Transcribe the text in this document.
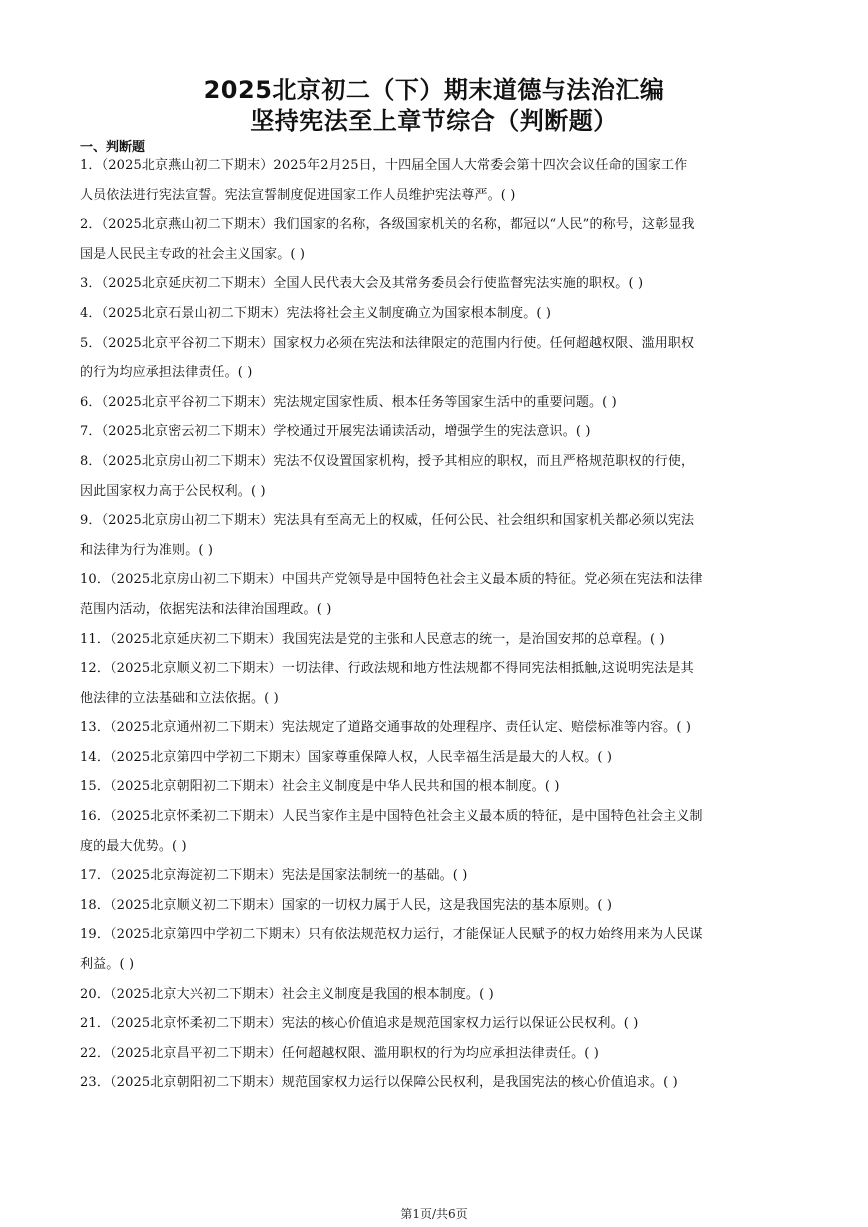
2025北京初二（下）期末道德与法治汇编
坚持宪法至上章节综合（判断题）
一、判断题
1．（2025北京燕山初二下期末）2025年2月25日，十四届全国人大常委会第十四次会议任命的国家工作
人员依法进行宪法宣誓。宪法宣誓制度促进国家工作人员维护宪法尊严。( )
2．（2025北京燕山初二下期末）我们国家的名称，各级国家机关的名称，都冠以“人民”的称号，这彰显我
国是人民民主专政的社会主义国家。( )
3．（2025北京延庆初二下期末）全国人民代表大会及其常务委员会行使监督宪法实施的职权。( )
4．（2025北京石景山初二下期末）宪法将社会主义制度确立为国家根本制度。( )
5．（2025北京平谷初二下期末）国家权力必须在宪法和法律限定的范围内行使。任何超越权限、滥用职权
的行为均应承担法律责任。( )
6．（2025北京平谷初二下期末）宪法规定国家性质、根本任务等国家生活中的重要问题。( )
7．（2025北京密云初二下期末）学校通过开展宪法诵读活动，增强学生的宪法意识。( )
8．（2025北京房山初二下期末）宪法不仅设置国家机构，授予其相应的职权，而且严格规范职权的行使，
因此国家权力高于公民权利。( )
9．（2025北京房山初二下期末）宪法具有至高无上的权威，任何公民、社会组织和国家机关都必须以宪法
和法律为行为准则。( )
10．（2025北京房山初二下期末）中国共产党领导是中国特色社会主义最本质的特征。党必须在宪法和法律
范围内活动，依据宪法和法律治国理政。( )
11．（2025北京延庆初二下期末）我国宪法是党的主张和人民意志的统一，是治国安邦的总章程。( )
12．（2025北京顺义初二下期末）一切法律、行政法规和地方性法规都不得同宪法相抵触,这说明宪法是其
他法律的立法基础和立法依据。( )
13．（2025北京通州初二下期末）宪法规定了道路交通事故的处理程序、责任认定、赔偿标准等内容。( )
14．（2025北京第四中学初二下期末）国家尊重保障人权，人民幸福生活是最大的人权。( )
15．（2025北京朝阳初二下期末）社会主义制度是中华人民共和国的根本制度。( )
16．（2025北京怀柔初二下期末）人民当家作主是中国特色社会主义最本质的特征，是中国特色社会主义制
度的最大优势。( )
17．（2025北京海淀初二下期末）宪法是国家法制统一的基础。( )
18．（2025北京顺义初二下期末）国家的一切权力属于人民，这是我国宪法的基本原则。( )
19．（2025北京第四中学初二下期末）只有依法规范权力运行，才能保证人民赋予的权力始终用来为人民谋
利益。( )
20．（2025北京大兴初二下期末）社会主义制度是我国的根本制度。( )
21．（2025北京怀柔初二下期末）宪法的核心价值追求是规范国家权力运行以保证公民权利。( )
22．（2025北京昌平初二下期末）任何超越权限、滥用职权的行为均应承担法律责任。( )
23．（2025北京朝阳初二下期末）规范国家权力运行以保障公民权利，是我国宪法的核心价值追求。( )
第1页/共6页
